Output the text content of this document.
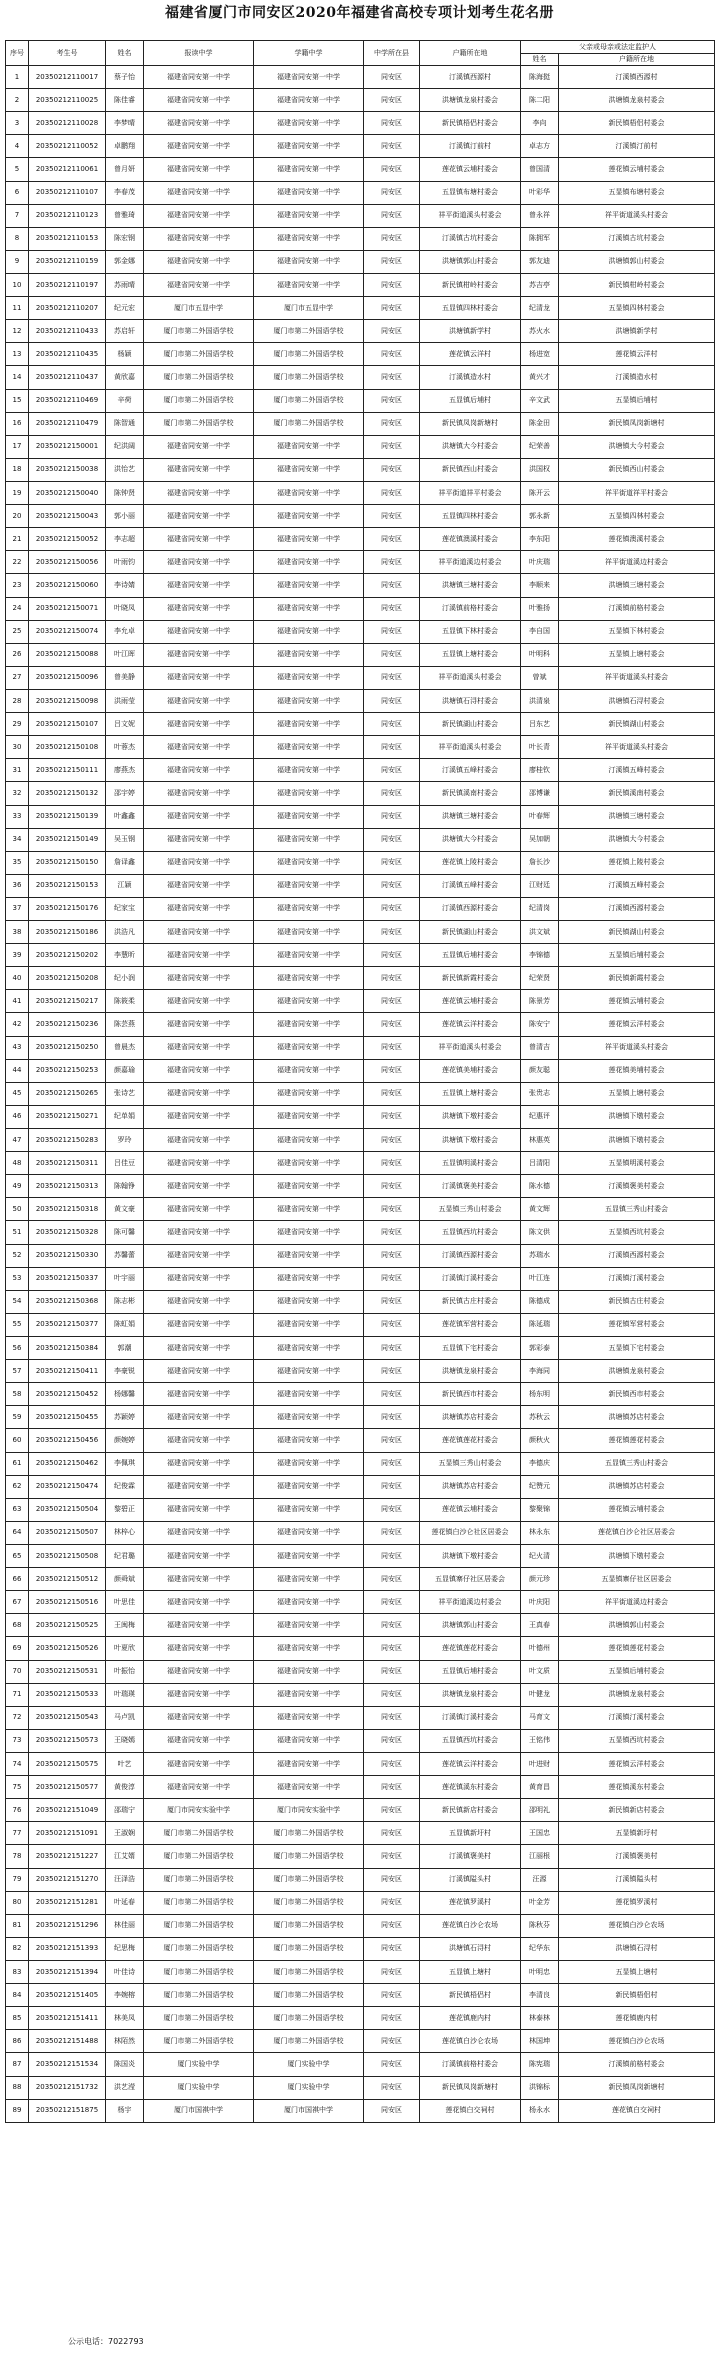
福建省厦门市同安区2020年福建省高校专项计划考生花名册
序号	考生号	姓名	报读中学	学籍中学	中学所在县	户籍所在地	父亲或母亲或法定监护人	
							姓名	户籍所在地
1	20350212110017	蔡子怡	福建省同安第一中学	福建省同安第一中学	同安区	汀溪镇西源村	陈海挺	汀溪镇西源村
2	20350212110025	陈佳睿	福建省同安第一中学	福建省同安第一中学	同安区	洪塘镇龙泉村委会	陈二阳	洪塘镇龙泉村委会
3	20350212110028	李梦晴	福建省同安第一中学	福建省同安第一中学	同安区	新民镇梧侣村委会	李向	新民镇梧侣村委会
4	20350212110052	卓鹏翔	福建省同安第一中学	福建省同安第一中学	同安区	汀溪镇汀前村	卓志方	汀溪镇汀前村
5	20350212110061	曾月妍	福建省同安第一中学	福建省同安第一中学	同安区	莲花镇云埔村委会	曾国清	莲花镇云埔村委会
6	20350212110107	李春茂	福建省同安第一中学	福建省同安第一中学	同安区	五显镇布塘村委会	叶彩华	五显镇布塘村委会
7	20350212110123	曾雅琦	福建省同安第一中学	福建省同安第一中学	同安区	祥平街道溪头村委会	曾永祥	祥平街道溪头村委会
8	20350212110153	陈宏钢	福建省同安第一中学	福建省同安第一中学	同安区	汀溪镇古坑村委会	陈拥军	汀溪镇古坑村委会
9	20350212110159	郭金娜	福建省同安第一中学	福建省同安第一中学	同安区	洪塘镇郭山村委会	郭友迪	洪塘镇郭山村委会
10	20350212110197	苏雨晴	福建省同安第一中学	福建省同安第一中学	同安区	新民镇柑岭村委会	苏吉亭	新民镇柑岭村委会
11	20350212110207	纪元宏	厦门市五显中学	厦门市五显中学	同安区	五显镇四林村委会	纪清龙	五显镇四林村委会
12	20350212110433	苏启轩	厦门市第二外国语学校	厦门市第二外国语学校	同安区	洪塘镇新学村	苏火水	洪塘镇新学村
13	20350212110435	杨颖	厦门市第二外国语学校	厦门市第二外国语学校	同安区	莲花镇云洋村	杨进宽	莲花镇云洋村
14	20350212110437	黄欣嘉	厦门市第二外国语学校	厦门市第二外国语学校	同安区	汀溪镇造水村	黄兴才	汀溪镇造水村
15	20350212110469	辛荷	厦门市第二外国语学校	厦门市第二外国语学校	同安区	五显镇后埔村	辛文武	五显镇后埔村
16	20350212110479	陈智通	厦门市第二外国语学校	厦门市第二外国语学校	同安区	新民镇凤岗新塘村	陈金田	新民镇凤岗新塘村
17	20350212150001	纪洪阔	福建省同安第一中学	福建省同安第一中学	同安区	洪塘镇大今村委会	纪荣善	洪塘镇大今村委会
18	20350212150038	洪怡艺	福建省同安第一中学	福建省同安第一中学	同安区	新民镇西山村委会	洪国权	新民镇西山村委会
19	20350212150040	陈钟贤	福建省同安第一中学	福建省同安第一中学	同安区	祥平街道祥平村委会	陈开云	祥平街道祥平村委会
20	20350212150043	郭小丽	福建省同安第一中学	福建省同安第一中学	同安区	五显镇四林村委会	郭永新	五显镇四林村委会
21	20350212150052	李志超	福建省同安第一中学	福建省同安第一中学	同安区	莲花镇澳溪村委会	李东阳	莲花镇澳溪村委会
22	20350212150056	叶雨钧	福建省同安第一中学	福建省同安第一中学	同安区	祥平街道溪边村委会	叶庆瑞	祥平街道溪边村委会
23	20350212150060	李诗婧	福建省同安第一中学	福建省同安第一中学	同安区	洪塘镇三塘村委会	李顺来	洪塘镇三塘村委会
24	20350212150071	叶晓凤	福建省同安第一中学	福建省同安第一中学	同安区	汀溪镇前格村委会	叶雅扬	汀溪镇前格村委会
25	20350212150074	李允卓	福建省同安第一中学	福建省同安第一中学	同安区	五显镇下林村委会	李自国	五显镇下林村委会
26	20350212150088	叶江晖	福建省同安第一中学	福建省同安第一中学	同安区	五显镇上塘村委会	叶明科	五显镇上塘村委会
27	20350212150096	曾美静	福建省同安第一中学	福建省同安第一中学	同安区	祥平街道溪头村委会	曾斌	祥平街道溪头村委会
28	20350212150098	洪雨莹	福建省同安第一中学	福建省同安第一中学	同安区	洪塘镇石浔村委会	洪清泉	洪塘镇石浔村委会
29	20350212150107	吕文妮	福建省同安第一中学	福建省同安第一中学	同安区	新民镇湖山村委会	吕东艺	新民镇湖山村委会
30	20350212150108	叶蓉杰	福建省同安第一中学	福建省同安第一中学	同安区	祥平街道溪头村委会	叶长青	祥平街道溪头村委会
31	20350212150111	廖燕杰	福建省同安第一中学	福建省同安第一中学	同安区	汀溪镇五峰村委会	廖桂钦	汀溪镇五峰村委会
32	20350212150132	邵宇婷	福建省同安第一中学	福建省同安第一中学	同安区	新民镇溪南村委会	邵博谦	新民镇溪南村委会
33	20350212150139	叶鑫鑫	福建省同安第一中学	福建省同安第一中学	同安区	洪塘镇三塘村委会	叶春辉	洪塘镇三塘村委会
34	20350212150149	吴玉钢	福建省同安第一中学	福建省同安第一中学	同安区	洪塘镇大今村委会	吴加朝	洪塘镇大今村委会
35	20350212150150	詹译鑫	福建省同安第一中学	福建省同安第一中学	同安区	莲花镇上陵村委会	詹长沙	莲花镇上陵村委会
36	20350212150153	江颖	福建省同安第一中学	福建省同安第一中学	同安区	汀溪镇五峰村委会	江财廷	汀溪镇五峰村委会
37	20350212150176	纪家宝	福建省同安第一中学	福建省同安第一中学	同安区	汀溪镇西源村委会	纪清岗	汀溪镇西源村委会
38	20350212150186	洪浩凡	福建省同安第一中学	福建省同安第一中学	同安区	新民镇湖山村委会	洪文斌	新民镇湖山村委会
39	20350212150202	李慧昕	福建省同安第一中学	福建省同安第一中学	同安区	五显镇后埔村委会	李锦德	五显镇后埔村委会
40	20350212150208	纪小润	福建省同安第一中学	福建省同安第一中学	同安区	新民镇新霞村委会	纪荣贤	新民镇新霞村委会
41	20350212150217	陈筱柔	福建省同安第一中学	福建省同安第一中学	同安区	莲花镇云埔村委会	陈景芳	莲花镇云埔村委会
42	20350212150236	陈芸燕	福建省同安第一中学	福建省同安第一中学	同安区	莲花镇云洋村委会	陈安宁	莲花镇云洋村委会
43	20350212150250	曾晨杰	福建省同安第一中学	福建省同安第一中学	同安区	祥平街道溪头村委会	曾清吉	祥平街道溪头村委会
44	20350212150253	颜嘉瑜	福建省同安第一中学	福建省同安第一中学	同安区	莲花镇美埔村委会	颜友聪	莲花镇美埔村委会
45	20350212150265	张诗艺	福建省同安第一中学	福建省同安第一中学	同安区	五显镇上塘村委会	张贵志	五显镇上塘村委会
46	20350212150271	纪单娟	福建省同安第一中学	福建省同安第一中学	同安区	洪塘镇下墩村委会	纪惠评	洪塘镇下墩村委会
47	20350212150283	罗玲	福建省同安第一中学	福建省同安第一中学	同安区	洪塘镇下墩村委会	林惠英	洪塘镇下墩村委会
48	20350212150311	吕佳豆	福建省同安第一中学	福建省同安第一中学	同安区	五显镇明溪村委会	吕清阳	五显镇明溪村委会
49	20350212150313	陈翰铮	福建省同安第一中学	福建省同安第一中学	同安区	汀溪镇褒美村委会	陈水德	汀溪镇褒美村委会
50	20350212150318	黄文豪	福建省同安第一中学	福建省同安第一中学	同安区	五显镇三秀山村委会	黄文辉	五显镇三秀山村委会
51	20350212150328	陈可馨	福建省同安第一中学	福建省同安第一中学	同安区	五显镇西坑村委会	陈文供	五显镇西坑村委会
52	20350212150330	苏馨蕾	福建省同安第一中学	福建省同安第一中学	同安区	汀溪镇西源村委会	苏瑞水	汀溪镇西源村委会
53	20350212150337	叶宇丽	福建省同安第一中学	福建省同安第一中学	同安区	汀溪镇汀溪村委会	叶江连	汀溪镇汀溪村委会
54	20350212150368	陈志彬	福建省同安第一中学	福建省同安第一中学	同安区	新民镇古庄村委会	陈德成	新民镇古庄村委会
55	20350212150377	陈虹娟	福建省同安第一中学	福建省同安第一中学	同安区	莲花镇军营村委会	陈延瑞	莲花镇军营村委会
56	20350212150384	郭潮	福建省同安第一中学	福建省同安第一中学	同安区	五显镇下宅村委会	郭彩泰	五显镇下宅村委会
57	20350212150411	李豪锐	福建省同安第一中学	福建省同安第一中学	同安区	洪塘镇龙泉村委会	李海同	洪塘镇龙泉村委会
58	20350212150452	杨娜馨	福建省同安第一中学	福建省同安第一中学	同安区	新民镇西市村委会	杨东明	新民镇西市村委会
59	20350212150455	苏颖婷	福建省同安第一中学	福建省同安第一中学	同安区	洪塘镇苏店村委会	苏秋云	洪塘镇苏店村委会
60	20350212150456	颜婉婷	福建省同安第一中学	福建省同安第一中学	同安区	莲花镇莲花村委会	颜秋火	莲花镇莲花村委会
61	20350212150462	李佩琪	福建省同安第一中学	福建省同安第一中学	同安区	五显镇三秀山村委会	李德庆	五显镇三秀山村委会
62	20350212150474	纪俊霖	福建省同安第一中学	福建省同安第一中学	同安区	洪塘镇苏店村委会	纪赞元	洪塘镇苏店村委会
63	20350212150504	黎碧正	福建省同安第一中学	福建省同安第一中学	同安区	莲花镇云埔村委会	黎聚锦	莲花镇云埔村委会
64	20350212150507	林梓心	福建省同安第一中学	福建省同安第一中学	同安区	莲花镇白沙仑社区居委会	林永东	莲花镇白沙仑社区居委会
65	20350212150508	纪君璐	福建省同安第一中学	福建省同安第一中学	同安区	洪塘镇下墩村委会	纪火清	洪塘镇下墩村委会
66	20350212150512	颜舜斌	福建省同安第一中学	福建省同安第一中学	同安区	五显镇寨仔社区居委会	颜元珍	五显镇寨仔社区居委会
67	20350212150516	叶思佳	福建省同安第一中学	福建省同安第一中学	同安区	祥平街道溪边村委会	叶庆阳	祥平街道溪边村委会
68	20350212150525	王闽梅	福建省同安第一中学	福建省同安第一中学	同安区	洪塘镇郭山村委会	王真春	洪塘镇郭山村委会
69	20350212150526	叶夏欣	福建省同安第一中学	福建省同安第一中学	同安区	莲花镇莲花村委会	叶德州	莲花镇莲花村委会
70	20350212150531	叶振怡	福建省同安第一中学	福建省同安第一中学	同安区	五显镇后埔村委会	叶文质	五显镇后埔村委会
71	20350212150533	叶瑞瑛	福建省同安第一中学	福建省同安第一中学	同安区	洪塘镇龙泉村委会	叶健龙	洪塘镇龙泉村委会
72	20350212150543	马卢凯	福建省同安第一中学	福建省同安第一中学	同安区	汀溪镇汀溪村委会	马育文	汀溪镇汀溪村委会
73	20350212150573	王晓嫣	福建省同安第一中学	福建省同安第一中学	同安区	五显镇西坑村委会	王铭伟	五显镇西坑村委会
74	20350212150575	叶艺	福建省同安第一中学	福建省同安第一中学	同安区	莲花镇云洋村委会	叶进财	莲花镇云洋村委会
75	20350212150577	黄俊淳	福建省同安第一中学	福建省同安第一中学	同安区	莲花镇溪东村委会	黄育昌	莲花镇溪东村委会
76	20350212151049	邵瑞宁	厦门市同安实验中学	厦门市同安实验中学	同安区	新民镇新店村委会	邵明礼	新民镇新店村委会
77	20350212151091	王淑娴	厦门市第二外国语学校	厦门市第二外国语学校	同安区	五显镇新圩村	王国忠	五显镇新圩村
78	20350212151227	江艾婿	厦门市第二外国语学校	厦门市第二外国语学校	同安区	汀溪镇褒美村	江丽根	汀溪镇褒美村
79	20350212151270	汪泽浩	厦门市第二外国语学校	厦门市第二外国语学校	同安区	汀溪镇隘头村	汪源	汀溪镇隘头村
80	20350212151281	叶延春	厦门市第二外国语学校	厦门市第二外国语学校	同安区	莲花镇罗溪村	叶金芳	莲花镇罗溪村
81	20350212151296	林佳丽	厦门市第二外国语学校	厦门市第二外国语学校	同安区	莲花镇白沙仑农场	陈秋芬	莲花镇白沙仑农场
82	20350212151393	纪思梅	厦门市第二外国语学校	厦门市第二外国语学校	同安区	洪塘镇石浔村	纪华东	洪塘镇石浔村
83	20350212151394	叶佳诗	厦门市第二外国语学校	厦门市第二外国语学校	同安区	五显镇上塘村	叶明忠	五显镇上塘村
84	20350212151405	李婉榕	厦门市第二外国语学校	厦门市第二外国语学校	同安区	新民镇梧侣村	李清良	新民镇梧侣村
85	20350212151411	林美凤	厦门市第二外国语学校	厦门市第二外国语学校	同安区	莲花镇鹿内村	林泰林	莲花镇鹿内村
86	20350212151488	林陌然	厦门市第二外国语学校	厦门市第二外国语学校	同安区	莲花镇白沙仑农场	林国坤	莲花镇白沙仑农场
87	20350212151534	陈国炎	厦门实验中学	厦门实验中学	同安区	汀溪镇前格村委会	陈宪瑞	汀溪镇前格村委会
88	20350212151732	洪艺滢	厦门实验中学	厦门实验中学	同安区	新民镇凤岗新塘村	洪锦标	新民镇凤岗新塘村
89	20350212151875	杨宇	厦门市国祺中学	厦门市国祺中学	同安区	莲花镇白交祠村	杨永水	莲花镇白交祠村
公示电话：7022793
